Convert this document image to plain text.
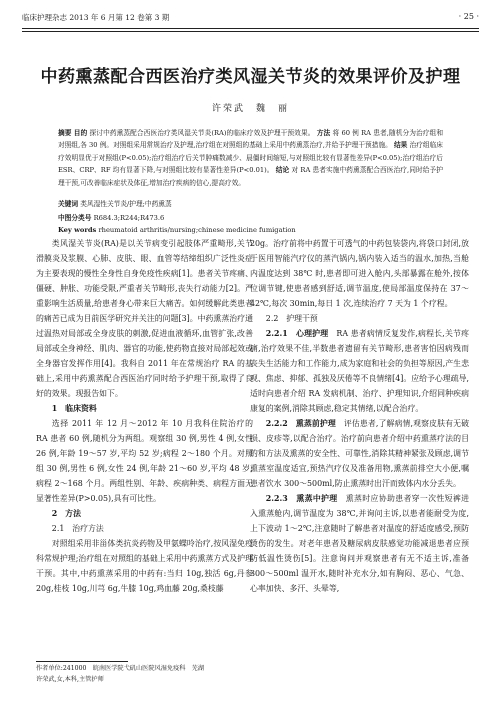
临床护理杂志 2013 年 6 月第 12 卷第 3 期	· 25 ·
中药熏蒸配合西医治疗类风湿关节炎的效果评价及护理
许荣武　魏　丽
摘要 目的 探讨中药熏蒸配合西医治疗类风湿关节炎(RA)的临床疗效及护理干预效果。 方法 将 60 例 RA 患者,随机分为治疗组和对照组,各 30 例。对照组采用常规治疗及护理,治疗组在对照组的基础上采用中药熏蒸治疗,并给予护理干预措施。 结果 治疗组临床疗效明显优于对照组(P<0.05);治疗组治疗后关节肿痛数减少、晨僵时间缩短,与对照组比较有显著性差异(P<0.05);治疗组治疗后 ESR、CRP、RF 均有显著下降,与对照组比较有显著性差异(P<0.01)。 结论 对 RA 患者实施中药熏蒸配合西医治疗,同时给予护理干预,可改善临床症状及体征,增加治疗疾病的信心,提高疗效。
关键词 类风湿性关节炎/护理;中药熏蒸
中图分类号 R684.3;R244;R473.6
Key words rheumatoid arthritis/nursing;chinese medicine fumigation

类风湿关节炎(RA)是以关节病变引起肢体严重畸形,关节滑膜炎及浆膜、心肺、皮肤、眼、血管等结缔组织广泛性炎症为主要表现的慢性全身性自身免疫性疾病[1]。患者关节疼痛、僵硬、肿胀、功能受限,严重者关节畸形,丧失行动能力[2]。严重影响生活质量,给患者身心带来巨大痛苦。如何缓解此类患者的痛苦已成为目前医学研究并关注的问题[3]。中药熏蒸治疗通过温热对局部或全身皮肤的刺激,促进血液循环,血管扩张,改善局部或全身神经、肌肉、器官的功能,使药物直接对局部起效或全身器官发挥作用[4]。我科自 2011 年在常规治疗 RA 的基础上,采用中药熏蒸配合西医治疗同时给予护理干预,取得了良好的效果。现报告如下。

1　临床资料

选择 2011 年 12 月～2012 年 10 月我科住院治疗的 RA 患者 60 例,随机分为两组。观察组 30 例,男性 4 例,女性 26 例,年龄 19～57 岁,平均 52 岁;病程 2～180 个月。对照组 30 例,男性 6 例,女性 24 例,年龄 21～60 岁,平均 48 岁;病程 2～168 个月。两组性别、年龄、疾病种类、病程方面无显著性差异(P>0.05),具有可比性。

2　方法

2.1　治疗方法

对照组采用非甾体类抗炎药物及甲氨蝶呤治疗,按风湿免疫科常规护理;治疗组在对照组的基础上采用中药熏蒸方式及护理干预。其中,中药熏蒸采用的中药有:当归 10g,独活 6g,丹参 20g,桂枝 10g,川芎 6g,牛膝 10g,鸡血藤 20g,桑枝藤

20g。治疗前将中药置于可透气的中药包装袋内,将袋口封闭,放于医用智能汽疗仪的蒸汽锅内,锅内装入适当的温水,加热,当舱内温度达到 38℃ 时,患者即可进入舱内,头部暴露在舱外,按体位调节键,使患者感到舒适,调节温度,使局部温度保持在 37～42℃,每次 30min,每日 1 次,连续治疗 7 天为 1 个疗程。

2.2　护理干预

2.2.1　心理护理　RA 患者病情反复发作,病程长,关节疼痛,治疗效果不佳,半数患者遗留有关节畸形,患者害怕因病残而丧失生活能力和工作能力,成为家庭和社会的负担等原因,产生悲观、焦虑、抑郁、孤独及厌倦等不良情绪[4]。应给予心理疏导,适时向患者介绍 RA 发病机制、治疗、护理知识,介绍同种疾病康复的案例,消除其顾虑,稳定其情绪,以配合治疗。

2.2.2　熏蒸前护理　评估患者,了解病情,观察皮肤有无破损、皮疹等,以配合治疗。治疗前向患者介绍中药熏蒸疗法的目的和方法及熏蒸的安全性、可靠性,消除其精神紧张及顾虑,调节熏蒸室温度适宜,预热汽疗仪及准备用物,熏蒸前排空大小便,嘱患者饮水 300～500ml,防止熏蒸时出汗而致体内水分丢失。

2.2.3　熏蒸中护理　熏蒸时应协助患者穿一次性短裤进入熏蒸舱内,调节温度为 38℃,并询问主诉,以患者能耐受为度,上下波动 1～2℃,注意随时了解患者对温度的舒适度感受,预防烫伤的发生。对老年患者及糖尿病皮肤感觉功能减退患者应预防低温性烫伤[5]。注意询问并观察患者有无不适主诉,准备 300～500ml 温开水,随时补充水分,如有胸闷、恶心、气急、心率加快、多汗、头晕等,

作者单位:241000　皖南医学院弋矶山医院风湿免疫科　芜湖
许荣武,女,本科,主管护师
